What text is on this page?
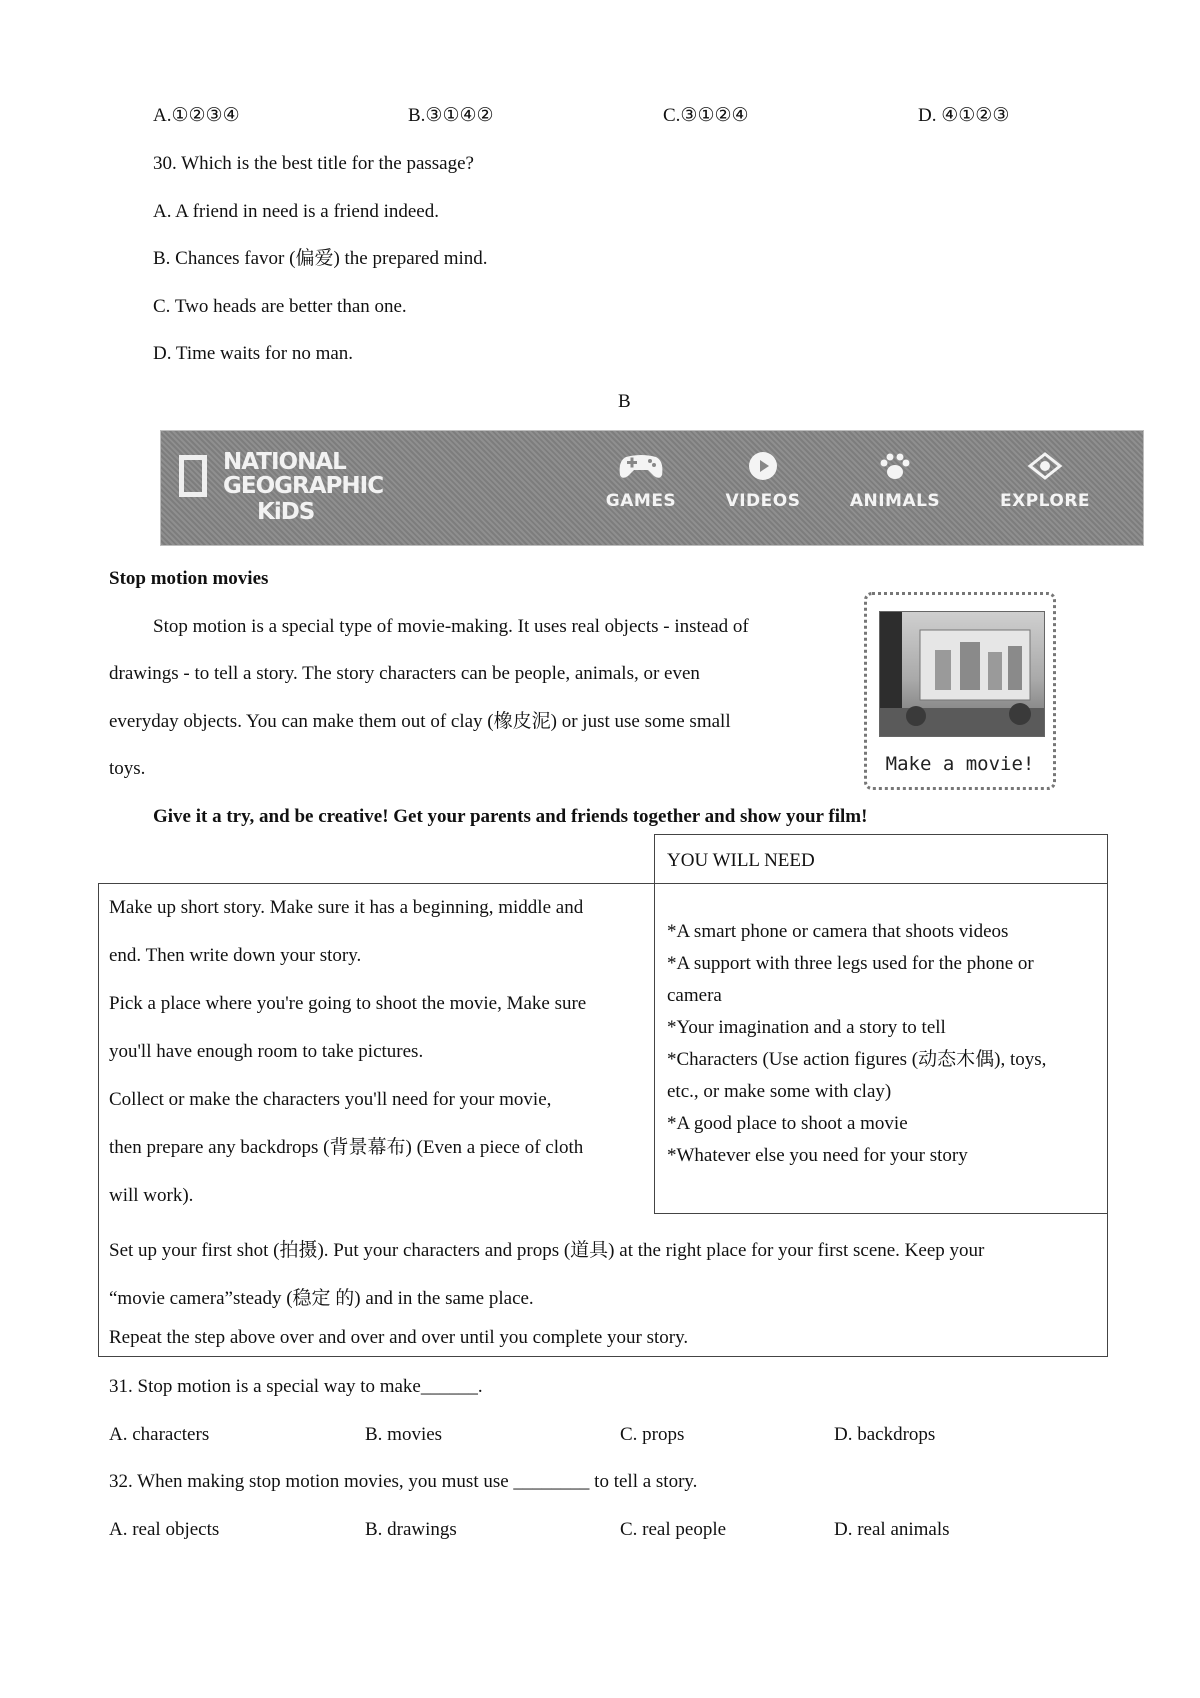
A.①②③④	B.③①④②	C.③①②④	D. ④①②③
30. Which is the best title for the passage?
A. A friend in need is a friend indeed.
B. Chances favor (偏爱) the prepared mind.
C. Two heads are better than one.
D. Time waits for no man.
B
NATIONAL
GEOGRAPHIC
KiDS	GAMES	VIDEOS	ANIMALS	EXPLORE
Stop motion movies
Stop motion is a special type of movie-making. It uses real objects - instead of
drawings - to tell a story. The story characters can be people, animals, or even
everyday objects. You can make them out of clay (橡皮泥) or just use some small
toys.	Make a movie!
Give it a try, and be creative! Get your parents and friends together and show your film!
YOU WILL NEED

Make up short story. Make sure it has a beginning, middle and

end. Then write down your story.

Pick a place where you're going to shoot the movie, Make sure

you'll have enough room to take pictures.

Collect or make the characters you'll need for your movie,

then prepare any backdrops (背景幕布) (Even a piece of cloth

will work).

*A smart phone or camera that shoots videos

*A support with three legs used for the phone or

camera

*Your imagination and a story to tell

*Characters (Use action figures (动态木偶), toys,

etc., or make some with clay)

*A good place to shoot a movie

*Whatever else you need for your story

Set up your first shot (拍摄). Put your characters and props (道具) at the right place for your first scene. Keep your
“movie camera”steady (稳定 的) and in the same place.
Repeat the step above over and over and over until you complete your story.
31. Stop motion is a special way to make______.
A. characters	B. movies	C. props	D. backdrops
32. When making stop motion movies, you must use ________ to tell a story.
A. real objects	B. drawings	C. real people	D. real animals
